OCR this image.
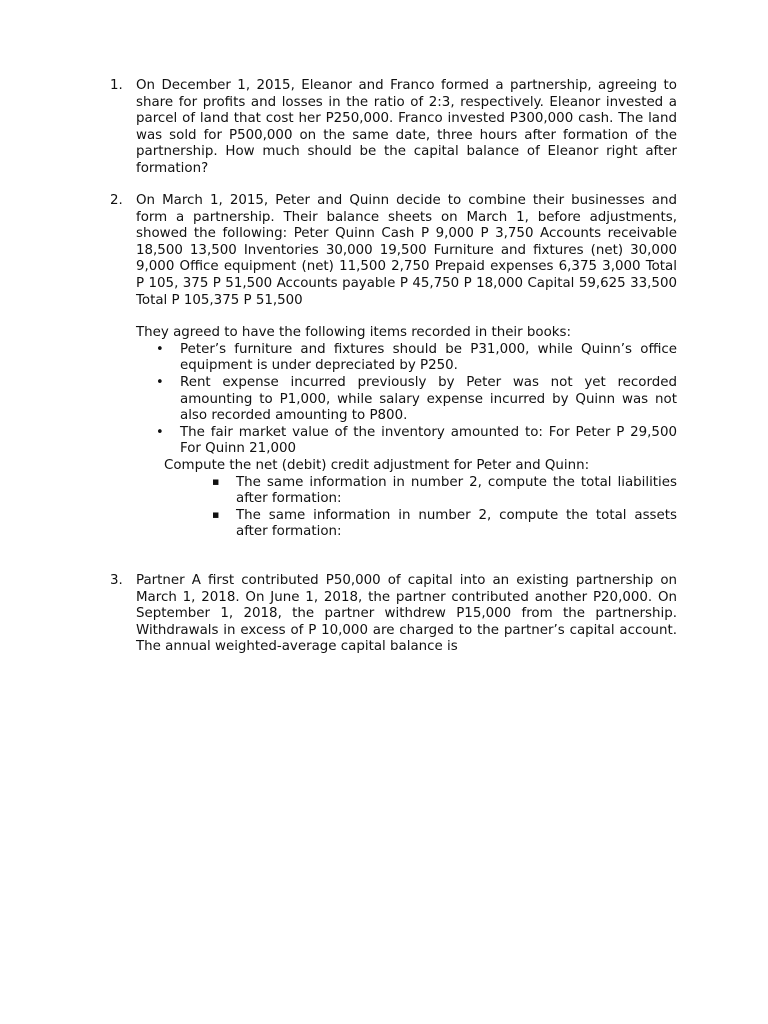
1. On December 1, 2015, Eleanor and Franco formed a partnership, agreeing to share for profits and losses in the ratio of 2:3, respectively. Eleanor invested a parcel of land that cost her P250,000. Franco invested P300,000 cash. The land was sold for P500,000 on the same date, three hours after formation of the partnership. How much should be the capital balance of Eleanor right after formation?

2. On March 1, 2015, Peter and Quinn decide to combine their businesses and form a partnership. Their balance sheets on March 1, before adjustments, showed the following: Peter Quinn Cash P 9,000 P 3,750 Accounts receivable 18,500 13,500 Inventories 30,000 19,500 Furniture and fixtures (net) 30,000 9,000 Office equipment (net) 11,500 2,750 Prepaid expenses 6,375 3,000 Total P 105, 375 P 51,500 Accounts payable P 45,750 P 18,000 Capital 59,625 33,500 Total P 105,375 P 51,500

They agreed to have the following items recorded in their books:

• Peter’s furniture and fixtures should be P31,000, while Quinn’s office equipment is under depreciated by P250.
• Rent expense incurred previously by Peter was not yet recorded amounting to P1,000, while salary expense incurred by Quinn was not also recorded amounting to P800.
• The fair market value of the inventory amounted to: For Peter P 29,500 For Quinn 21,000

Compute the net (debit) credit adjustment for Peter and Quinn:

▪ The same information in number 2, compute the total liabilities after formation:
▪ The same information in number 2, compute the total assets after formation:
3. Partner A first contributed P50,000 of capital into an existing partnership on March 1, 2018. On June 1, 2018, the partner contributed another P20,000. On September 1, 2018, the partner withdrew P15,000 from the partnership. Withdrawals in excess of P 10,000 are charged to the partner’s capital account. The annual weighted-average capital balance is
